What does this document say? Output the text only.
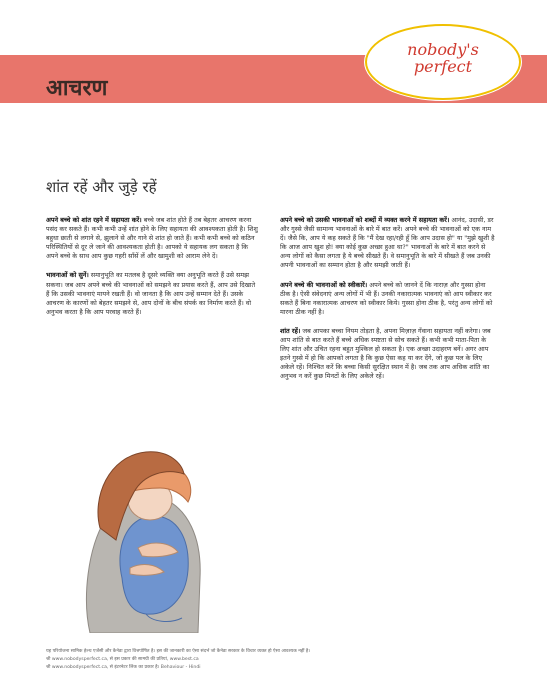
nobody's
perfect
आचरण
शांत रहें और जुड़े रहें

अपने बच्चे को शांत रहने में सहायता करें। बच्चे जब शांत होते हैं तब बेहतर आचरण करना पसंद कर सकते हैं। कभी कभी उन्हें शांत होने के लिए सहायता की आवश्यकता होती है। शिशु बहुधा छाती से लगाने से, झुलाने से और गाने से शांत हो जाते हैं। कभी कभी बच्चे को कठिन परिस्थितियों से दूर ले जाने की आवश्यकता होती है। आपको ये सहायक लग सकता है कि अपने बच्चे के साथ आप कुछ गहरी साँसें लें और खामुशी को आराम लेने दें।

भावनाओं को सुनें। समानुभूति का मतलब है दूसरे व्यक्ति क्या अनुभूति करते हैं उसे समझ सकना। जब आप अपने बच्चे की भावनाओं को समझने का प्रयास करते हैं, आप उसे दिखाते हैं कि उसकी भावनाएं मायने रखती हैं। वो जानता है कि आप उन्हें सम्मान देते हैं। उसके आचरण के कारणों को बेहतर समझने से, आप दोनों के बीच संपर्क का निर्माण करते हैं। वो अनुभव करता है कि आप परवाह करते हैं।

अपने बच्चे को उसकी भावनाओं को शब्दों में व्यक्त करने में सहायता करें। आनंद, उदासी, डर और गुस्से जैसी सामान्य भावनाओं के बारे में बात करें। अपने बच्चे की भावनाओं को एक नाम दें। जैसे कि, आप ये कह सकते हैं कि "मैं देख रहा/रही हूँ कि आप उदास हो" या "मुझे खुशी है कि आज आप खुश हो! क्या कोई कुछ अच्छा हुआ था?" भावनाओं के बारे में बात करने से अन्य लोगों को कैसा लगता है ये बच्चे सीखते हैं। वे समानुभूति के बारे में सीखते हैं जब उनकी अपनी भावनाओं का सम्मान होता है और समझी जाती हैं।

अपने बच्चे की भावनाओं को स्वीकारें। अपने बच्चे को जानने दें कि नाराज़ और गुस्सा होना ठीक है। ऐसी संवेदनाएं अन्य लोगों में भी हैं। उनकी नकारात्मक भावनाएं को आप स्वीकार कर सकते हैं बिना नकारात्मक आचरण को स्वीकार किये। गुस्सा होना ठीक है, परंतु अन्य लोगों को मारना ठीक नहीं है।

शांत रहें। जब आपका बच्चा नियम तोड़ता है, अपना मिज़ाज़ गँवाना सहायता नहीं करेगा। जब आप शांति से बात करते हैं बच्चे अधिक स्पष्टता से सोच सकते हैं। कभी कभी माता-पिता के लिए शांत और उचित रहना बहुत मुश्किल हो सकता है। एक अच्छा उदाहरण बनें। अगर आप इतने गुस्से में हो कि आपको लगता है कि कुछ ऐसा कह या कर देंगे, जो कुछ पल के लिए अकेले रहें। निश्चित करें कि बच्चा किसी सुरक्षित स्थान में है। जब तक आप अधिक शांति का अनुभव न करें कुछ मिनटों के लिए अकेले रहें।

यह परियोजना सामिक हेल्थ एजेंसी और कैनेडा द्वारा वित्तपोषित है। इस की जानकारी का ऐसा संदर्भ जो कैनेडा सरकार के विचार व्यक्त हो ऐसा आवश्यक नहीं है।
श्री www.nobodysperfect.ca, से इस प्रकार की सामग्री की प्रतियां, www.best.ca
श्री www.nobodysperfect.ca, से इंटरनेटर लिंक का प्रकार है। Behaviour - Hindi
